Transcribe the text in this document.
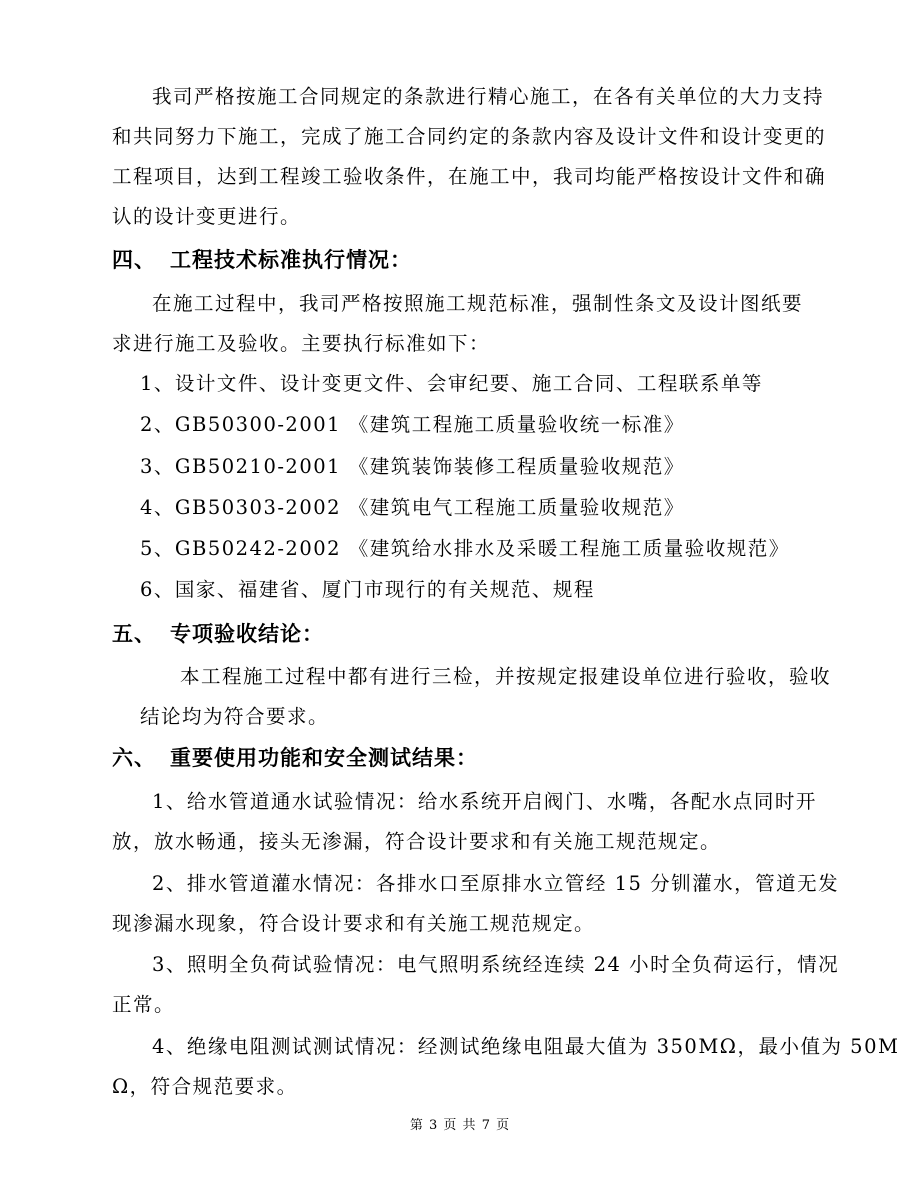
我司严格按施工合同规定的条款进行精心施工，在各有关单位的大力支持
和共同努力下施工，完成了施工合同约定的条款内容及设计文件和设计变更的
工程项目，达到工程竣工验收条件，在施工中，我司均能严格按设计文件和确
认的设计变更进行。
四、 工程技术标准执行情况：
在施工过程中，我司严格按照施工规范标准，强制性条文及设计图纸要
求进行施工及验收。主要执行标准如下：
1、设计文件、设计变更文件、会审纪要、施工合同、工程联系单等
2、GB50300-2001 《建筑工程施工质量验收统一标准》
3、GB50210-2001 《建筑装饰装修工程质量验收规范》
4、GB50303-2002 《建筑电气工程施工质量验收规范》
5、GB50242-2002 《建筑给水排水及采暖工程施工质量验收规范》
6、国家、福建省、厦门市现行的有关规范、规程
五、 专项验收结论：
本工程施工过程中都有进行三检，并按规定报建设单位进行验收，验收
结论均为符合要求。
六、 重要使用功能和安全测试结果：
1、给水管道通水试验情况：给水系统开启阀门、水嘴，各配水点同时开
放，放水畅通，接头无渗漏，符合设计要求和有关施工规范规定。
2、排水管道灌水情况：各排水口至原排水立管经 15 分钏灌水，管道无发
现渗漏水现象，符合设计要求和有关施工规范规定。
3、照明全负荷试验情况：电气照明系统经连续 24 小时全负荷运行，情况
正常。
4、绝缘电阻测试测试情况：经测试绝缘电阻最大值为 350MΩ，最小值为 50M
Ω，符合规范要求。
第 3 页 共 7 页
